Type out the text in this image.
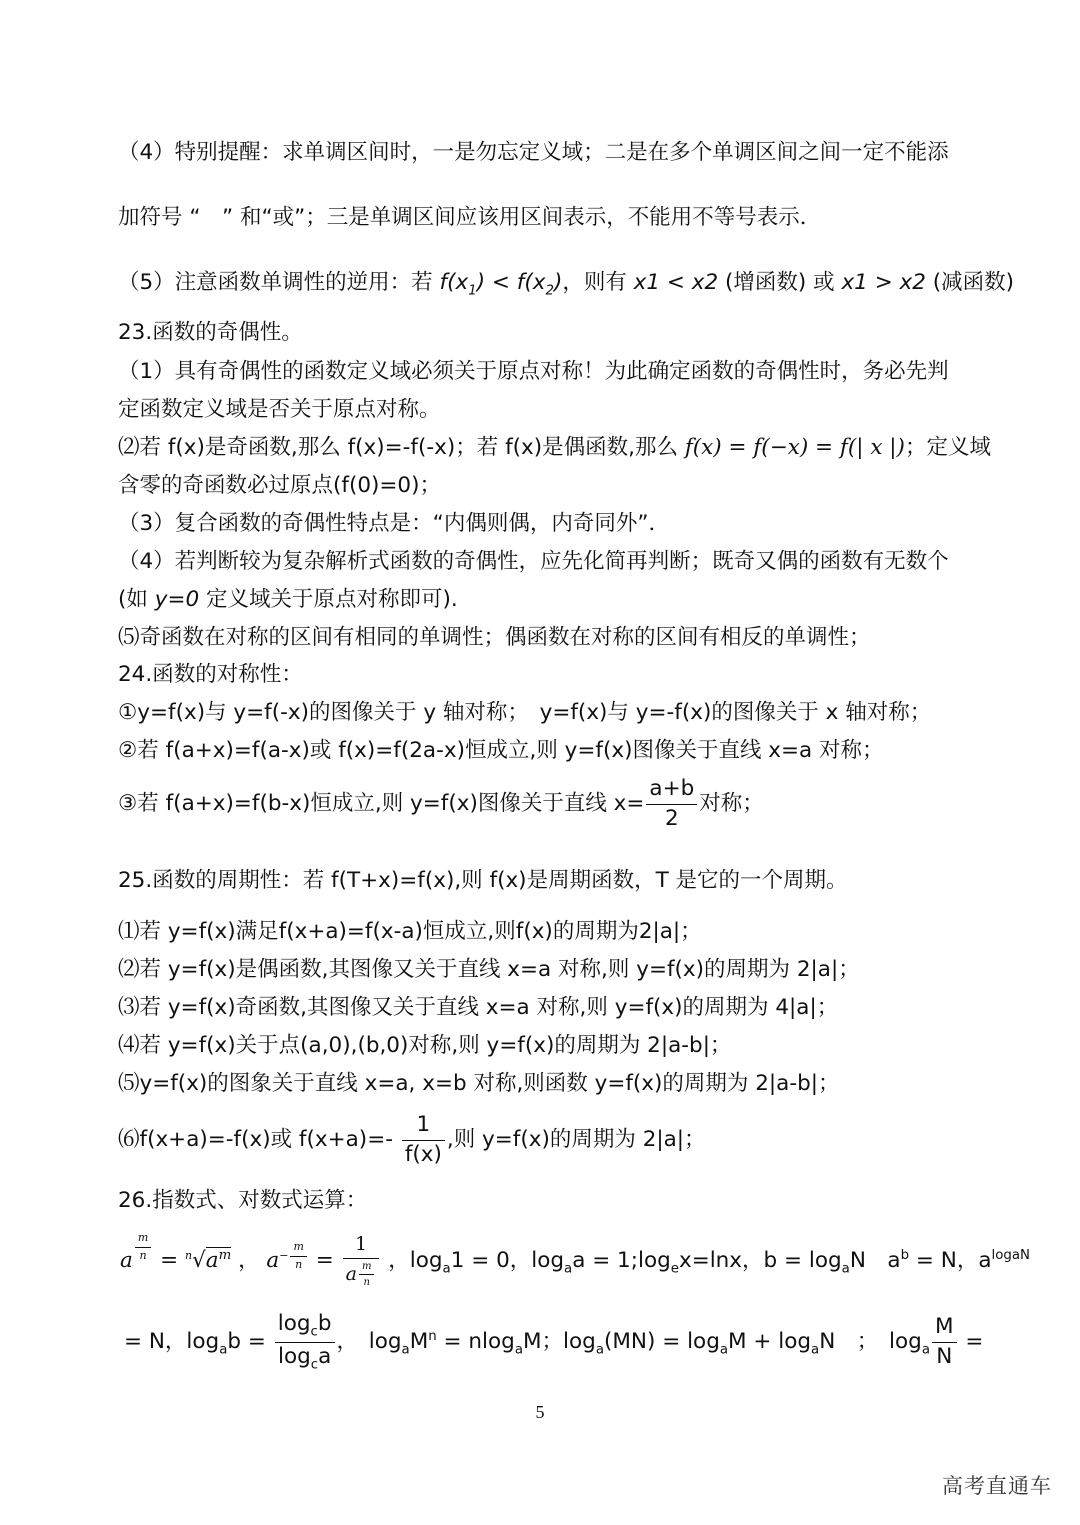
（4）特别提醒：求单调区间时，一是勿忘定义域；二是在多个单调区间之间一定不能添
加符号 “　” 和“或”；三是单调区间应该用区间表示，不能用不等号表示．
（5）注意函数单调性的逆用：若 $f(x_1) < f(x_2)$，则有 x1 < x2 (增函数) 或 x1 > x2 (减函数)
23.函数的奇偶性。
（1）具有奇偶性的函数定义域必须关于原点对称！为此确定函数的奇偶性时，务必先判
定函数定义域是否关于原点对称。
⑵若 f(x)是奇函数,那么 f(x)=-f(-x)；若 f(x)是偶函数,那么 f(x) = f(−x) = f(| x |)；定义域
含零的奇函数必过原点(f(0)=0)；
（3）复合函数的奇偶性特点是：“内偶则偶，内奇同外”．
（4）若判断较为复杂解析式函数的奇偶性，应先化简再判断；既奇又偶的函数有无数个
(如 y=0 定义域关于原点对称即可).
⑸奇函数在对称的区间有相同的单调性；偶函数在对称的区间有相反的单调性；
24.函数的对称性：
①y=f(x)与 y=f(-x)的图像关于 y 轴对称；　y=f(x)与 y=-f(x)的图像关于 x 轴对称；
②若 f(a+x)=f(a-x)或 f(x)=f(2a-x)恒成立,则 y=f(x)图像关于直线 x=a 对称；
③若 f(a+x)=f(b-x)恒成立,则 y=f(x)图像关于直线 $x= \frac{a+b}{2}$ 对称；
25.函数的周期性：若 f(T+x)=f(x),则 f(x)是周期函数，T 是它的一个周期。
⑴若 y=f(x)满足f(x+a)=f(x-a)恒成立,则f(x)的周期为2|a|；
⑵若 y=f(x)是偶函数,其图像又关于直线 x=a 对称,则 y=f(x)的周期为 2|a|；
⑶若 y=f(x)奇函数,其图像又关于直线 x=a 对称,则 y=f(x)的周期为 4|a|；
⑷若 y=f(x)关于点(a,0),(b,0)对称,则 y=f(x)的周期为 2|a-b|；
⑸y=f(x)的图象关于直线 x=a, x=b 对称,则函数 y=f(x)的周期为 2|a-b|；
⑹f(x+a)=-f(x)或 $f(x+a)=- \frac{1}{f(x)}$ ,则 y=f(x)的周期为 2|a|；
26.指数式、对数式运算：
a $^{\frac{m}{n}} = ^n√a^m$ ， $a^{- \frac{m}{n}} = \frac{1}{a \frac{m}{n}}$ ，$\log_a1 = 0$，$\log_aa$ = $1;\log_ex=\ln x$，$b = \log_aN$　$a^b = N$，$a^{logaN}$
= N，$\log_ab = \frac{\log_cb}{\log_ca}$ ，　$\log_aM^n = nlog_aM$；$\log_a(MN) = \log_aM + \log_aN$　；　$\log_a \frac{M}{N}$ =
5
高考直通车
